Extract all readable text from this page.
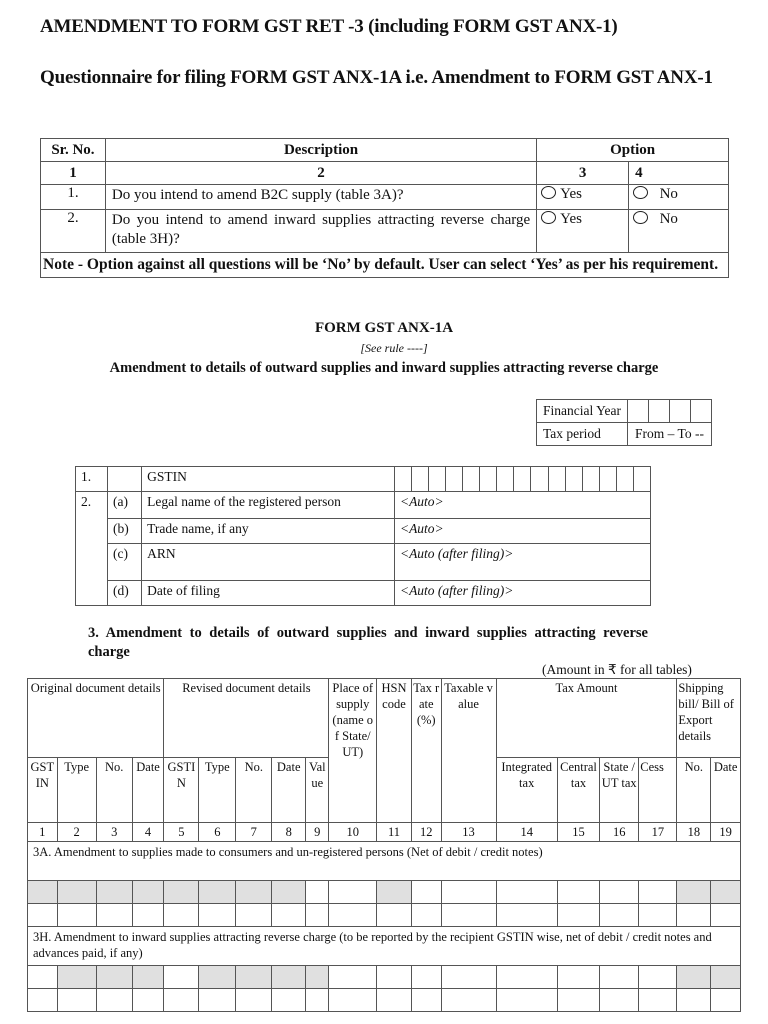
AMENDMENT TO FORM GST RET -3 (including FORM GST ANX-1)
Questionnaire for filing FORM GST ANX-1A i.e. Amendment to FORM GST ANX-1
Sr. No.	Description	Option	
1	2	3	4
1.	Do you intend to amend B2C supply (table 3A)?	Yes	No
2.	Do you intend to amend inward supplies attracting reverse charge (table 3H)?	Yes	No
Note - Option against all questions will be ‘No’ by default. User can select ‘Yes’ as per his requirement.			
FORM GST ANX-1A
[See rule ----]
Amendment to details of outward supplies and inward supplies attracting reverse charge
Financial Year				
Tax period	From – To --			
1.		GSTIN															
2.	(a)	Legal name of the registered person	<Auto>														
	(b)	Trade name, if any	<Auto>														
	(c)	ARN	<Auto (after filing)>														
	(d)	Date of filing	<Auto (after filing)>														
3. Amendment to details of outward supplies and inward supplies attracting reverse charge
(Amount in ₹ for all tables)
Original document details				Revised document details					Place of supply (name of State/ UT)	HSN code	Tax rate (%)	Taxable value	Tax Amount				Shipping bill/ Bill of Export details	
GSTIN	Type	No.	Date	GSTIN	Type	No.	Date	Value					Integrated tax	Central tax	State / UT tax	Cess	No.	Date
1	2	3	4	5	6	7	8	9	10	11	12	13	14	15	16	17	18	19
3A. Amendment to supplies made to consumers and un-registered persons (Net of debit / credit notes)																		

3H. Amendment to inward supplies attracting reverse charge (to be reported by the recipient GSTIN wise, net of debit / credit notes and advances paid, if any)																		
